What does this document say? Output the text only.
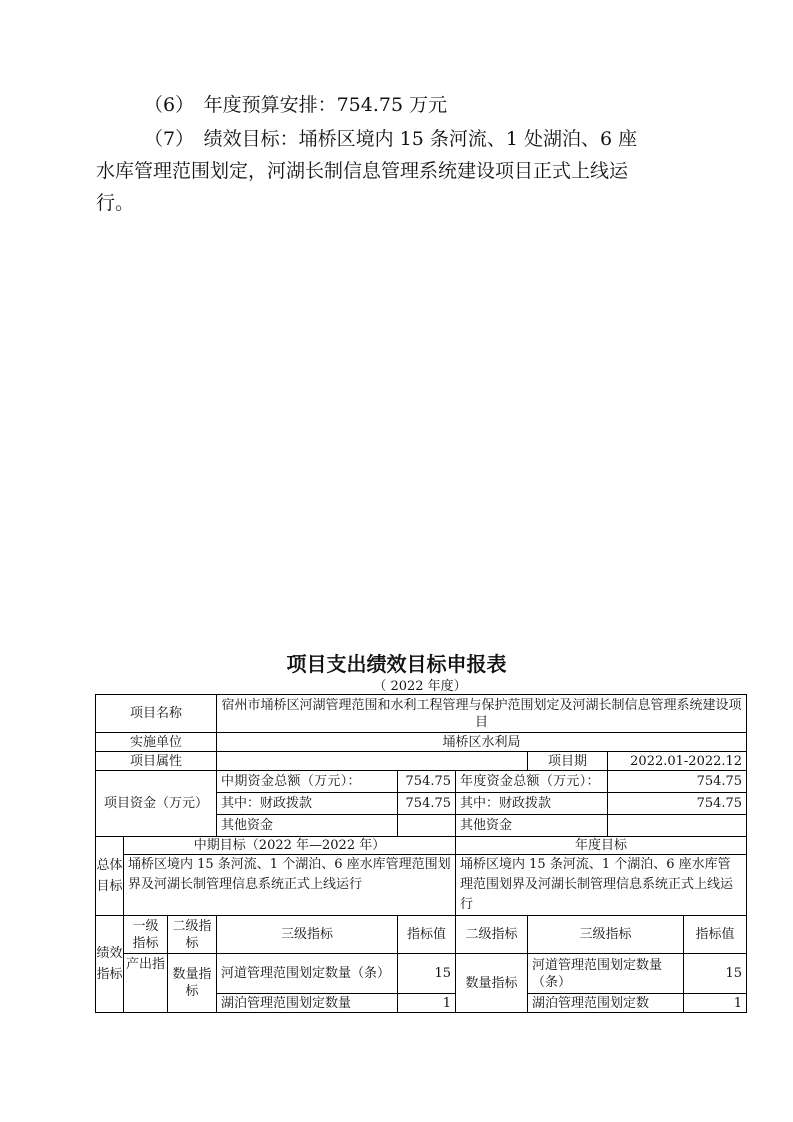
（6）　年度预算安排：754.75 万元

（7）　绩效目标：埇桥区境内 15 条河流、1 处湖泊、6 座
水库管理范围划定，河湖长制信息管理系统建设项目正式上线运
行。

项目支出绩效目标申报表
（ 2022 年度）
项目名称			宿州市埇桥区河湖管理范围和水利工程管理与保护范围划定及河湖长制信息管理系统建设项目					
实施单位			埇桥区水利局					
项目属性						项目期	2022.01-2022.12	
项目资金（万元）			中期资金总额（万元）：	754.75	年度资金总额（万元）：		754.75	
			其中：财政拨款	754.75	其中：财政拨款		754.75	
			其他资金		其他资金			
总体目标	中期目标（2022 年—2022 年）				年度目标			
	埇桥区境内 15 条河流、1 个湖泊、6 座水库管理范围划界及河湖长制管理信息系统正式上线运行				埇桥区境内 15 条河流、1 个湖泊、6 座水库管理范围划界及河湖长制管理信息系统正式上线运行			
绩效指标	一级指标	二级指标	三级指标	指标值	二级指标	三级指标		指标值
	产出指	数量指标	河道管理范围划定数量（条）	15	数量指标	河道管理范围划定数量（条）		15
			湖泊管理范围划定数量	1		湖泊管理范围划定数		1
